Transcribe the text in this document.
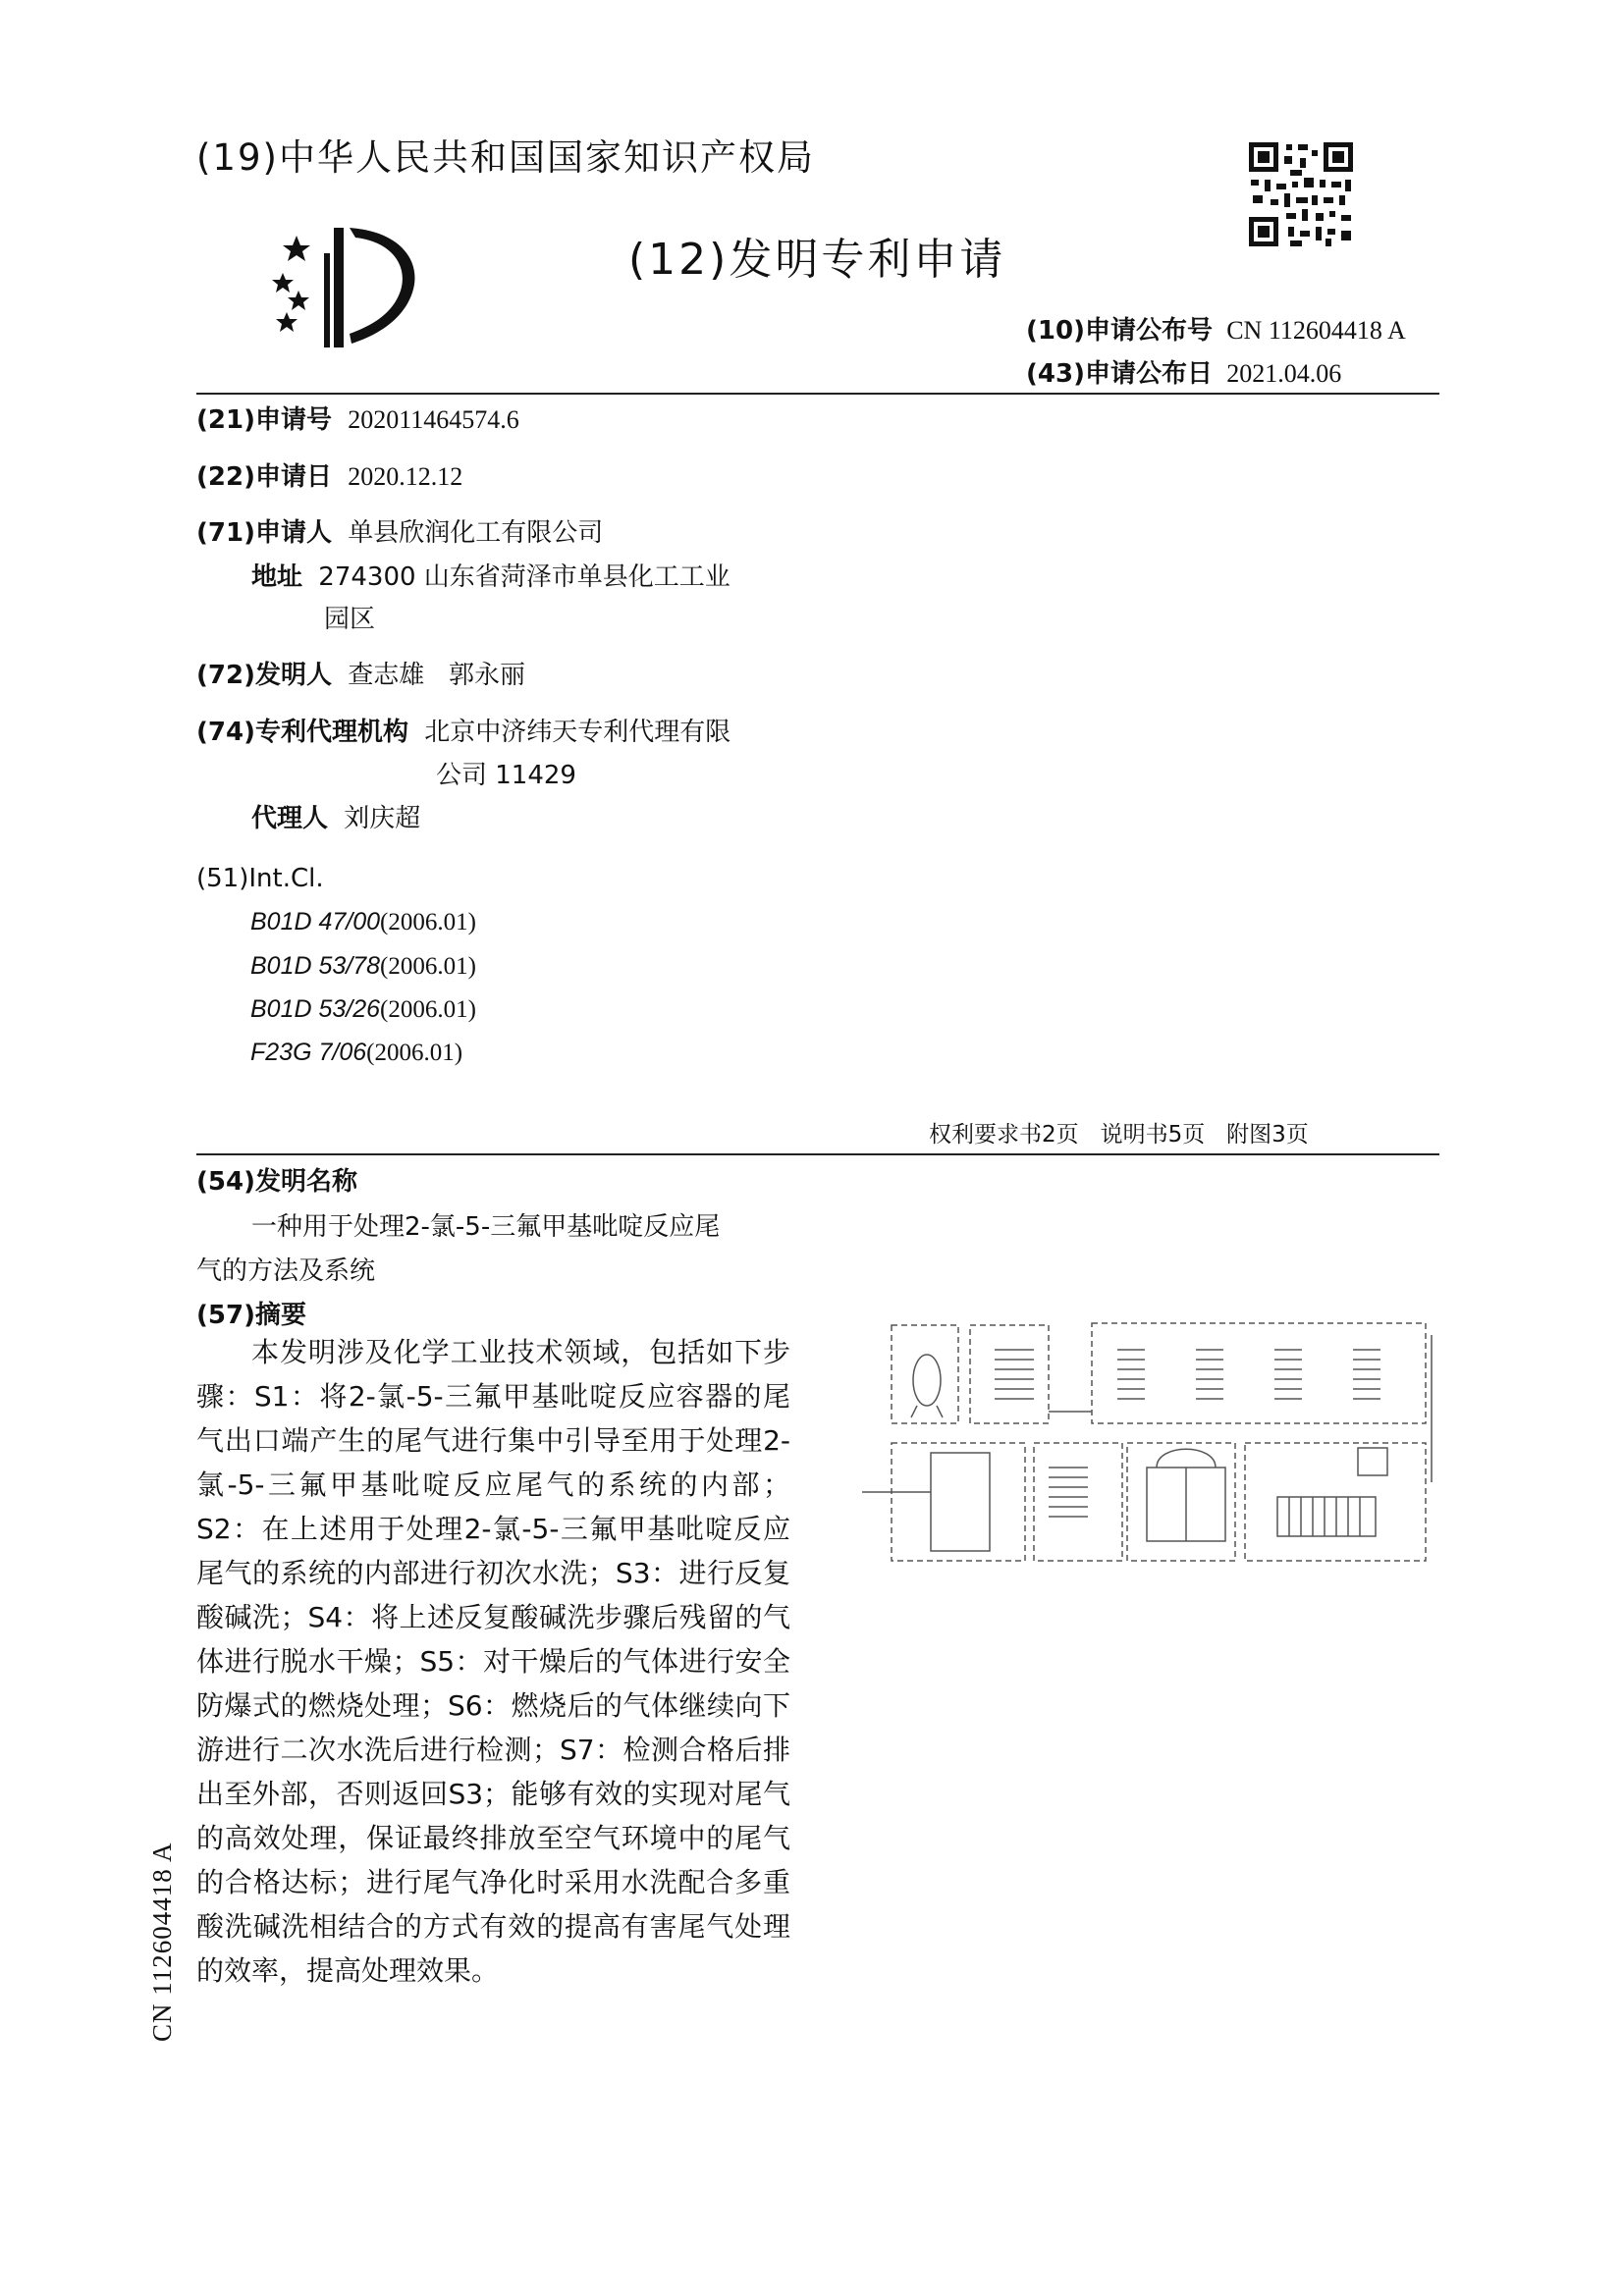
(19)中华人民共和国国家知识产权局
(12)发明专利申请
(10)申请公布号 CN 112604418 A
(43)申请公布日 2021.04.06
(21)申请号 202011464574.6
(22)申请日 2020.12.12
(71)申请人 单县欣润化工有限公司
地址 274300 山东省菏泽市单县化工工业
园区
(72)发明人 查志雄   郭永丽
(74)专利代理机构 北京中济纬天专利代理有限
公司 11429
代理人 刘庆超
(51)Int.Cl.
B01D 47/00(2006.01)
B01D 53/78(2006.01)
B01D 53/26(2006.01)
F23G 7/06(2006.01)
权利要求书2页   说明书5页   附图3页
(54)发明名称
一种用于处理2-氯-5-三氟甲基吡啶反应尾
气的方法及系统
(57)摘要
本发明涉及化学工业技术领域，包括如下步骤：S1：将2-氯-5-三氟甲基吡啶反应容器的尾气出口端产生的尾气进行集中引导至用于处理2-氯-5-三氟甲基吡啶反应尾气的系统的内部；S2：在上述用于处理2-氯-5-三氟甲基吡啶反应尾气的系统的内部进行初次水洗；S3：进行反复酸碱洗；S4：将上述反复酸碱洗步骤后残留的气体进行脱水干燥；S5：对干燥后的气体进行安全防爆式的燃烧处理；S6：燃烧后的气体继续向下游进行二次水洗后进行检测；S7：检测合格后排出至外部，否则返回S3；能够有效的实现对尾气的高效处理，保证最终排放至空气环境中的尾气的合格达标；进行尾气净化时采用水洗配合多重酸洗碱洗相结合的方式有效的提高有害尾气处理的效率，提高处理效果。
CN 112604418 A
